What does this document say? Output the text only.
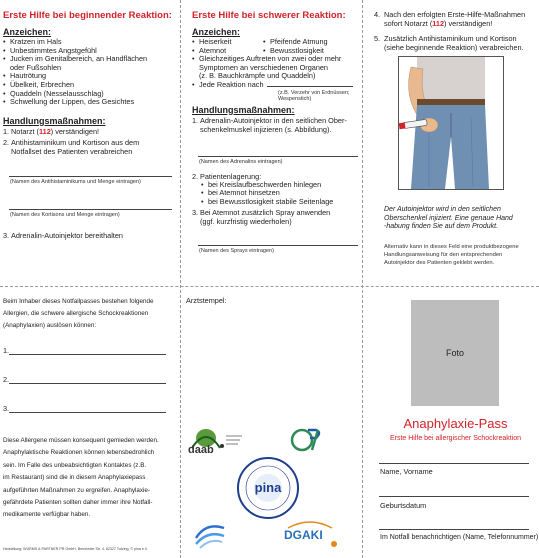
Erste Hilfe bei beginnender Reaktion:
Anzeichen:
• Kratzen im Hals
• Unbestimmtes Angstgefühl
• Jucken im Genitalbereich, an Handflächen
oder Fußsohlen
• Hautrötung
• Übelkeit, Erbrechen
• Quaddeln (Nesselausschlag)
• Schwellung der Lippen, des Gesichtes
Handlungsmaßnahmen:
1. Notarzt (112) verständigen!
2. Antihistaminikum und Kortison aus dem
Notfallset des Patienten verabreichen
(Namen des Antihistaminikums und Menge eintragen)
(Namen des Kortisons und Menge eintragen)
3. Adrenalin-Autoinjektor bereithalten
Erste Hilfe bei schwerer Reaktion:
Anzeichen:
• Heiserkeit
• Atemnot
• Pfeifende Atmung
• Bewusstlosigkeit
• Gleichzeitiges Auftreten von zwei oder mehr
Symptomen an verschiedenen Organen
(z. B. Bauchkrämpfe und Quaddeln)
• Jede Reaktion nach
(z.B. Verzehr von Erdnüssen;
Wespenstich)
Handlungsmaßnahmen:
1. Adrenalin-Autoinjektor in den seitlichen Ober-
schenkelmuskel injizieren (s. Abbildung).
(Namen des Adrenalins eintragen)
2. Patientenlagerung:
• bei Kreislaufbeschwerden hinlegen
• bei Atemnot hinsetzen
• bei Bewusstlosigkeit stabile Seitenlage
3. Bei Atemnot zusätzlich Spray anwenden
(ggf. kurzfristig wiederholen)
(Namen des Sprays eintragen)
4. Nach den erfolgten Erste-Hilfe-Maßnahmen
sofort Notarzt (112) verständigen!
5. Zusätzlich Antihistaminikum und Kortison
(siehe beginnende Reaktion) verabreichen.
Der Autoinjektor wird in den seitlichen
Oberschenkel injiziert. Eine genaue Hand
-habung finden Sie auf dem Produkt.
Alternativ kann in dieses Feld eine produktbezogene
Handlungsanweisung für den entsprechenden
Autoinjektor des Patienten geklebt werden.
Beim Inhaber dieses Notfallpasses bestehen folgende
Allergien, die schwere allergische Schockreaktionen
(Anaphylaxien) auslösen können:
1.
2.
3.
Diese Allergene müssen konsequent gemieden werden.
Anaphylaktische Reaktionen können lebensbedrohlich
sein. Im Falle des unbeabsichtigten Kontaktes (z.B.
im Restaurant) sind die in diesem Anaphylaxiepass
aufgeführten Maßnahmen zu ergreifen. Anaphylaxie-
gefährdete Patienten sollten daher immer ihre Notfall-
medikamente verfügbar haben.
Herstellung: WURMS & PARTNER PR GmbH, Bernrieder Str. 4, 82327 Tutzing, © pina e.V.
Arztstempel:
daab
pina
DGAKI
Foto
Anaphylaxie-Pass
Erste Hilfe bei allergischer Schockreaktion
Name, Vorname
Geburtsdatum
Im Notfall benachrichtigen (Name, Telefonnummer)
